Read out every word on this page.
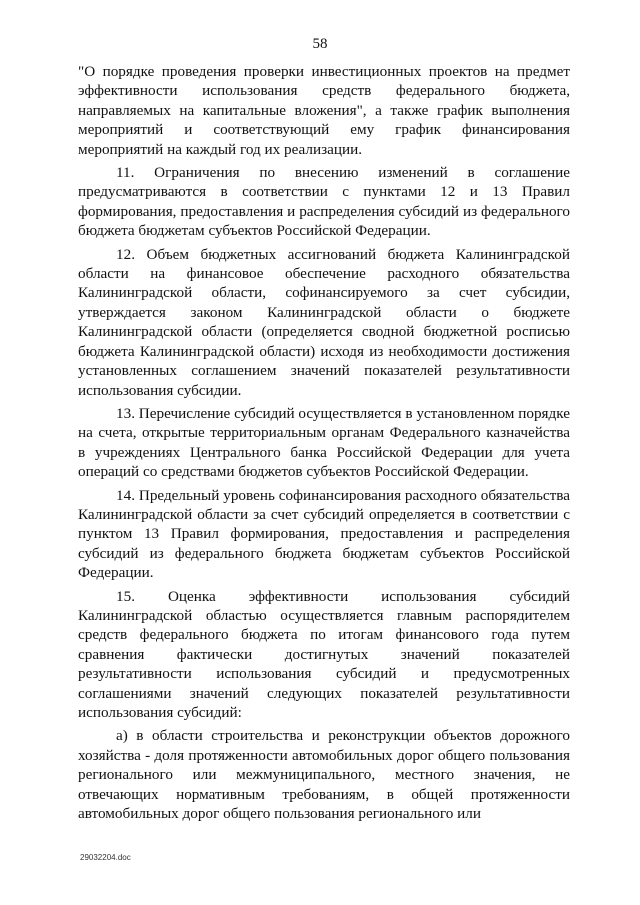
58

"О порядке проведения проверки инвестиционных проектов на предмет эффективности использования средств федерального бюджета, направляемых на капитальные вложения", а также график выполнения мероприятий и соответствующий ему график финансирования мероприятий на каждый год их реализации.

11. Ограничения по внесению изменений в соглашение предусматриваются в соответствии с пунктами 12 и 13 Правил формирования, предоставления и распределения субсидий из федерального бюджета бюджетам субъектов Российской Федерации.

12. Объем бюджетных ассигнований бюджета Калининградской области на финансовое обеспечение расходного обязательства Калининградской области, софинансируемого за счет субсидии, утверждается законом Калининградской области о бюджете Калининградской области (определяется сводной бюджетной росписью бюджета Калининградской области) исходя из необходимости достижения установленных соглашением значений показателей результативности использования субсидии.

13. Перечисление субсидий осуществляется в установленном порядке на счета, открытые территориальным органам Федерального казначейства в учреждениях Центрального банка Российской Федерации для учета операций со средствами бюджетов субъектов Российской Федерации.

14. Предельный уровень софинансирования расходного обязательства Калининградской области за счет субсидий определяется в соответствии с пунктом 13 Правил формирования, предоставления и распределения субсидий из федерального бюджета бюджетам субъектов Российской Федерации.

15. Оценка эффективности использования субсидий Калининградской областью осуществляется главным распорядителем средств федерального бюджета по итогам финансового года путем сравнения фактически достигнутых значений показателей результативности использования субсидий и предусмотренных соглашениями значений следующих показателей результативности использования субсидий:

а) в области строительства и реконструкции объектов дорожного хозяйства - доля протяженности автомобильных дорог общего пользования регионального или межмуниципального, местного значения, не отвечающих нормативным требованиям, в общей протяженности автомобильных дорог общего пользования регионального или

29032204.doc
